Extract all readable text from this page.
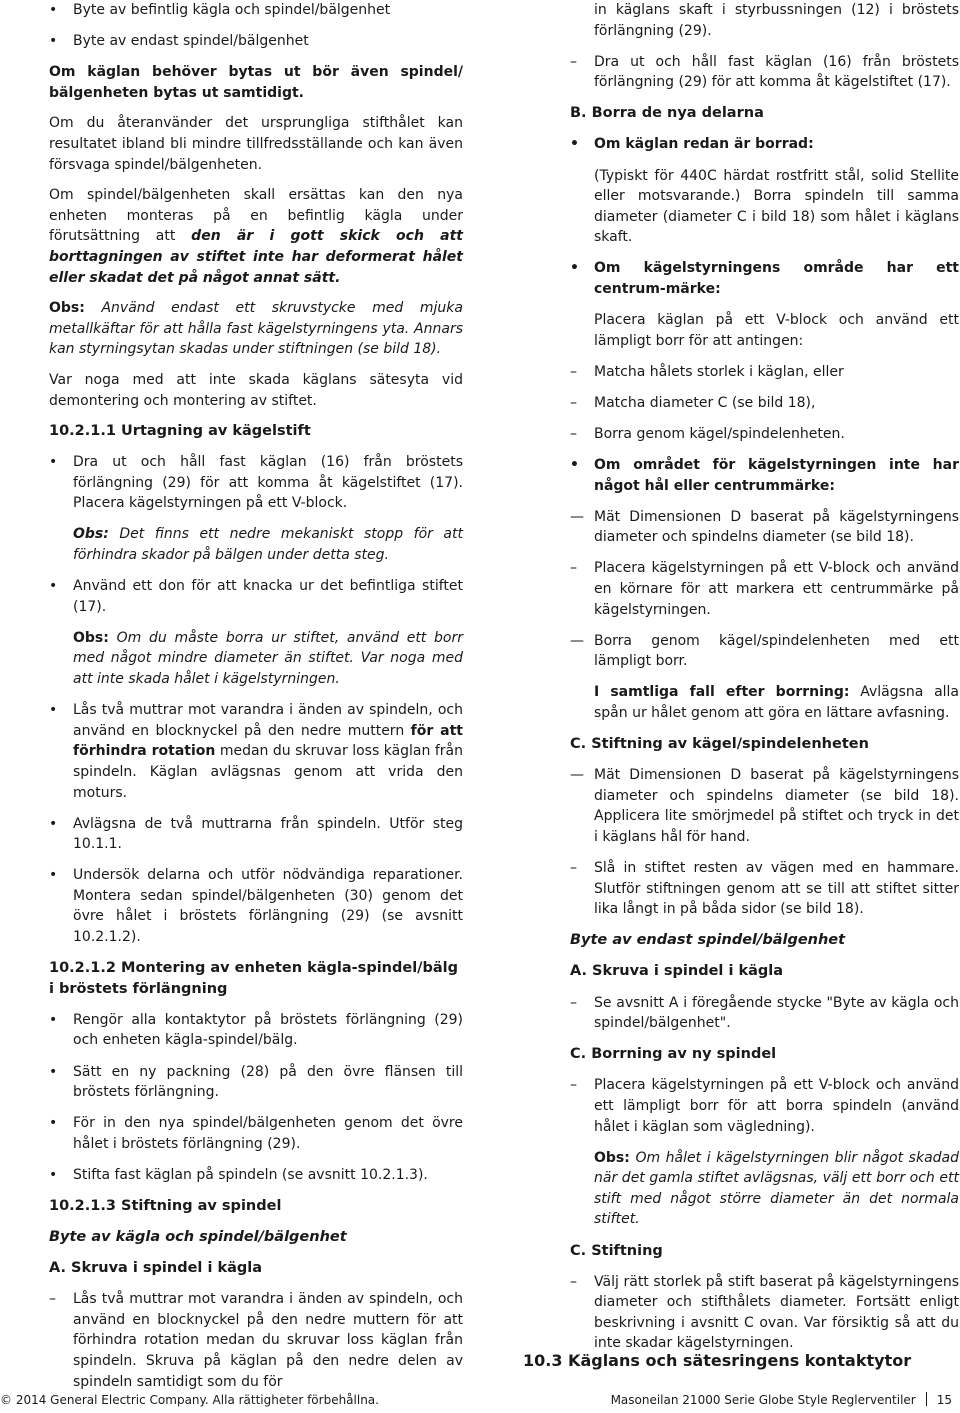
• Byte av befintlig kägla och spindel/bälgenhet
• Byte av endast spindel/bälgenhet

Om käglan behöver bytas ut bör även spindel/ bälgenheten bytas ut samtidigt.

Om du återanvänder det ursprungliga stifthålet kan resultatet ibland bli mindre tillfredsställande och kan även försvaga spindel/bälgenheten.

Om spindel/bälgenheten skall ersättas kan den nya enheten monteras på en befintlig kägla under förutsättning att den är i gott skick och att borttagningen av stiftet inte har deformerat hålet eller skadat det på något annat sätt.

Obs: Använd endast ett skruvstycke med mjuka metallkäftar för att hålla fast kägelstyrningens yta. Annars kan styrningsytan skadas under stiftningen (se bild 18).

Var noga med att inte skada käglans sätesyta vid demontering och montering av stiftet.

10.2.1.1 Urtagning av kägelstift

• Dra ut och håll fast käglan (16) från bröstets förlängning (29) för att komma åt kägelstiftet (17). Placera kägelstyrningen på ett V-block.

Obs: Det finns ett nedre mekaniskt stopp för att förhindra skador på bälgen under detta steg.

• Använd ett don för att knacka ur det befintliga stiftet (17).

Obs: Om du måste borra ur stiftet, använd ett borr med något mindre diameter än stiftet. Var noga med att inte skada hålet i kägelstyrningen.

• Lås två muttrar mot varandra i änden av spindeln, och använd en blocknyckel på den nedre muttern för att förhindra rotation medan du skruvar loss käglan från spindeln. Käglan avlägsnas genom att vrida den moturs.
• Avlägsna de två muttrarna från spindeln. Utför steg 10.1.1.
• Undersök delarna och utför nödvändiga reparationer. Montera sedan spindel/bälgenheten (30) genom det övre hålet i bröstets förlängning (29) (se avsnitt 10.2.1.2).

10.2.1.2 Montering av enheten kägla-spindel/bälg i bröstets förlängning

• Rengör alla kontaktytor på bröstets förlängning (29) och enheten kägla-spindel/bälg.
• Sätt en ny packning (28) på den övre flänsen till bröstets förlängning.
• För in den nya spindel/bälgenheten genom det övre hålet i bröstets förlängning (29).
• Stifta fast käglan på spindeln (se avsnitt 10.2.1.3).

10.2.1.3 Stiftning av spindel

Byte av kägla och spindel/bälgenhet

A. Skruva i spindel i kägla

– Lås två muttrar mot varandra i änden av spindeln, och använd en blocknyckel på den nedre muttern för att förhindra rotation medan du skruvar loss käglan från spindeln. Skruva på käglan på den nedre delen av spindeln samtidigt som du för

in käglans skaft i styrbussningen (12) i bröstets förlängning (29).

– Dra ut och håll fast käglan (16) från bröstets förlängning (29) för att komma åt kägelstiftet (17).

B. Borra de nya delarna

• Om käglan redan är borrad:

(Typiskt för 440C härdat rostfritt stål, solid Stellite eller motsvarande.) Borra spindeln till samma diameter (diameter C i bild 18) som hålet i käglans skaft.

• Om kägelstyrningens område har ett centrum-märke:

Placera käglan på ett V-block och använd ett lämpligt borr för att antingen:

– Matcha hålets storlek i käglan, eller
– Matcha diameter C (se bild 18),
– Borra genom kägel/spindelenheten.
• Om området för kägelstyrningen inte har något hål eller centrummärke:
— Mät Dimensionen D baserat på kägelstyrningens diameter och spindelns diameter (se bild 18).
– Placera kägelstyrningen på ett V-block och använd en körnare för att markera ett centrummärke på kägelstyrningen.
— Borra genom kägel/spindelenheten med ett lämpligt borr.

I samtliga fall efter borrning: Avlägsna alla spån ur hålet genom att göra en lättare avfasning.

C. Stiftning av kägel/spindelenheten

— Mät Dimensionen D baserat på kägelstyrningens diameter och spindelns diameter (se bild 18). Applicera lite smörjmedel på stiftet och tryck in det i käglans hål för hand.
– Slå in stiftet resten av vägen med en hammare. Slutför stiftningen genom att se till att stiftet sitter lika långt in på båda sidor (se bild 18).

Byte av endast spindel/bälgenhet

A. Skruva i spindel i kägla

– Se avsnitt A i föregående stycke "Byte av kägla och spindel/bälgenhet".

C. Borrning av ny spindel

– Placera kägelstyrningen på ett V-block och använd ett lämpligt borr för att borra spindeln (använd hålet i käglan som vägledning).

Obs: Om hålet i kägelstyrningen blir något skadad när det gamla stiftet avlägsnas, välj ett borr och ett stift med något större diameter än det normala stiftet.

C. Stiftning

– Välj rätt storlek på stift baserat på kägelstyrningens diameter och stifthålets diameter. Fortsätt enligt beskrivning i avsnitt C ovan. Var försiktig så att du inte skadar kägelstyrningen.

10.3 Käglans och sätesringens kontaktytor

© 2014 General Electric Company. Alla rättigheter förbehållna.	Masoneilan 21000 Serie Globe Style Reglerventiler 15
